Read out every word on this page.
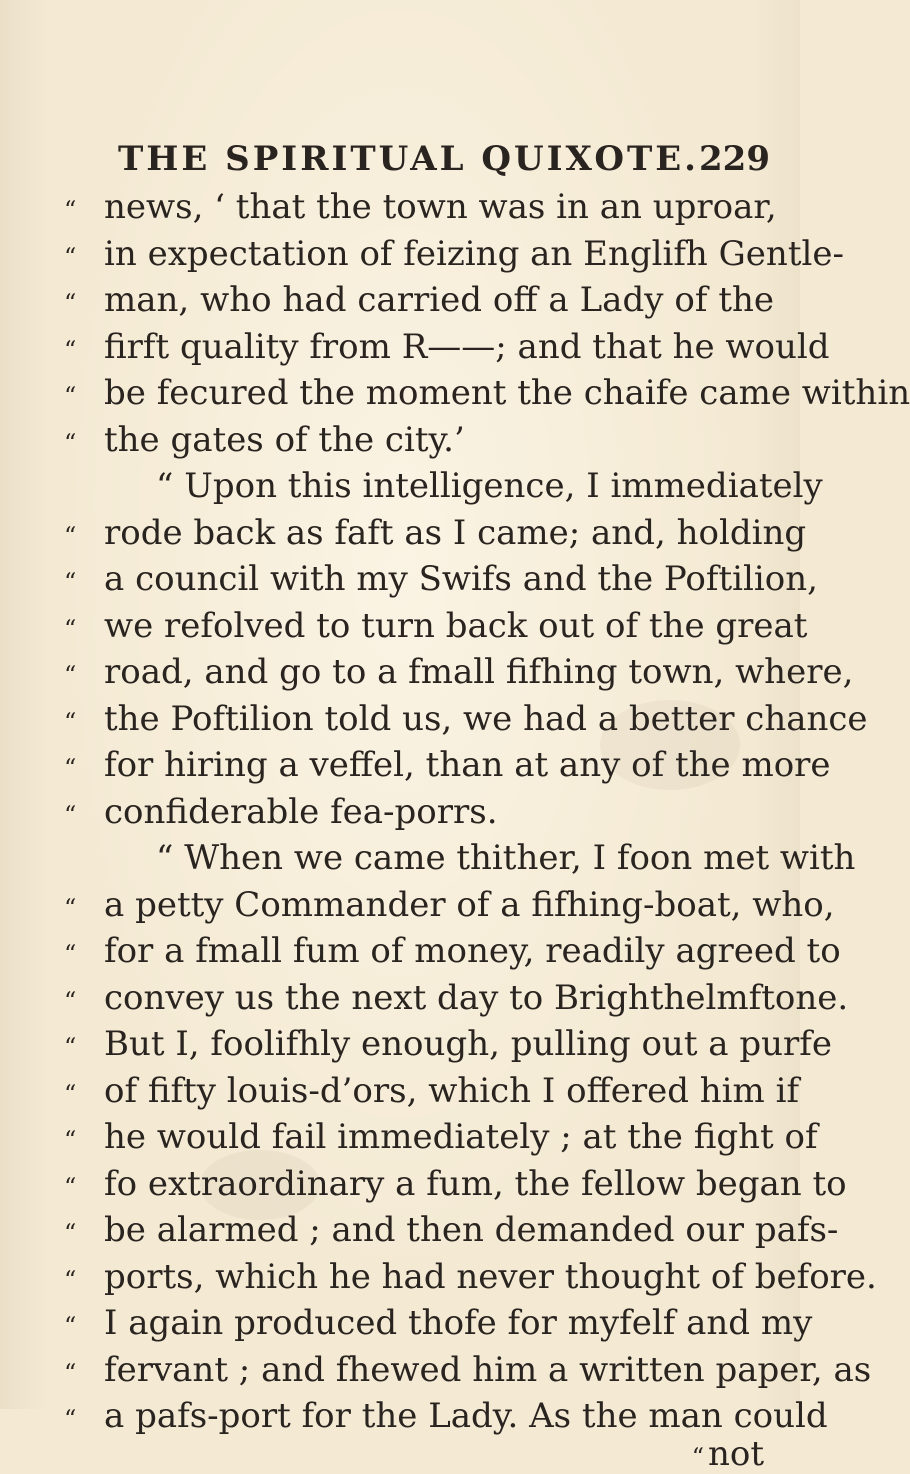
THE SPIRITUAL QUIXOTE. 229
“ news, ‘ that the town was in an uproar,
“ in expectation of feizing an Englifh Gentle-
“ man, who had carried off a Lady of the
“ firft quality from R——; and that he would
“ be fecured the moment the chaife came within
“ the gates of the city.’
“ Upon this intelligence, I immediately
“ rode back as faft as I came; and, holding
“ a council with my Swifs and the Poftilion,
“ we refolved to turn back out of the great
“ road, and go to a fmall fifhing town, where,
“ the Poftilion told us, we had a better chance
“ for hiring a veffel, than at any of the more
“ confiderable fea-porrs.
“ When we came thither, I foon met with
“ a petty Commander of a fifhing-boat, who,
“ for a fmall fum of money, readily agreed to
“ convey us the next day to Brighthelmftone.
“ But I, foolifhly enough, pulling out a purfe
“ of fifty louis-d’ors, which I offered him if
“ he would fail immediately ; at the fight of
“ fo extraordinary a fum, the fellow began to
“ be alarmed ; and then demanded our pafs-
“ ports, which he had never thought of before.
“ I again produced thofe for myfelf and my
“ fervant ; and fhewed him a written paper, as
“ a pafs-port for the Lady. As the man could
“ not
